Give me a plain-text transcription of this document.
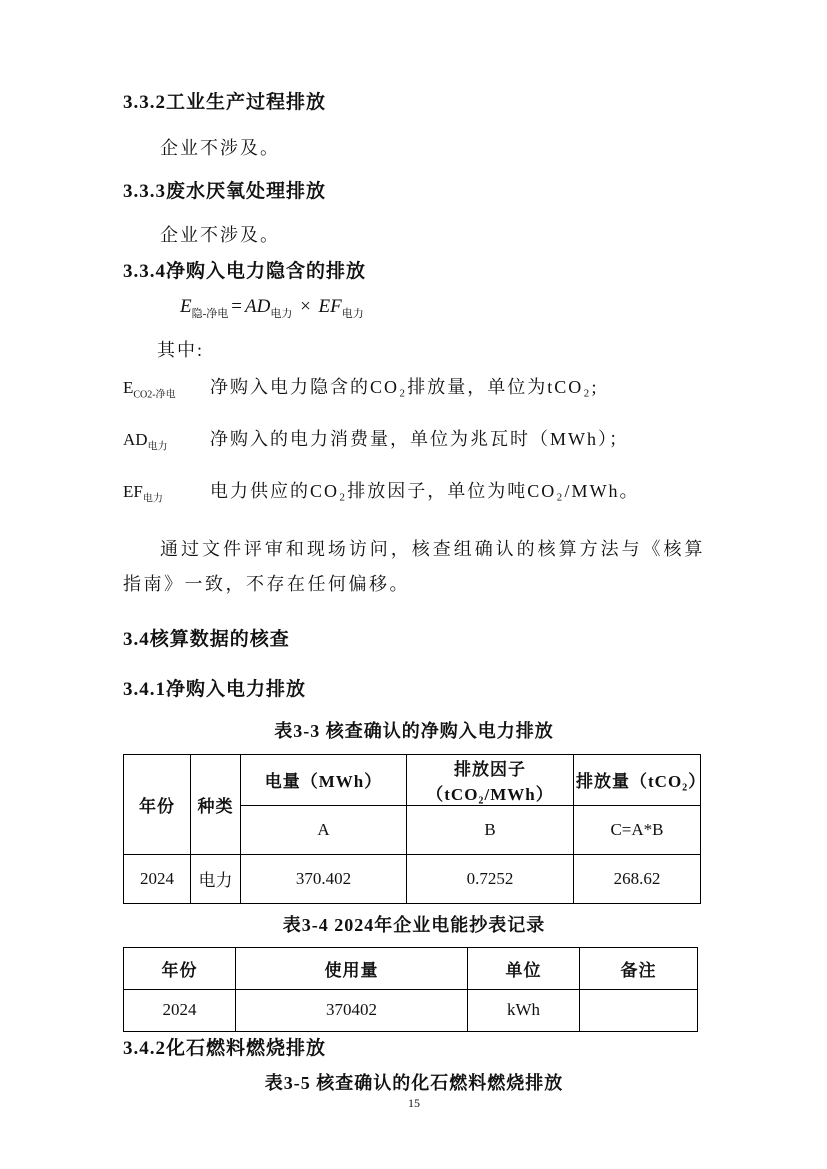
3.3.2工业生产过程排放
企业不涉及。
3.3.3废水厌氧处理排放
企业不涉及。
3.3.4净购入电力隐含的排放
$E_{隐-净电} = AD_{电力} \times EF_{电力}$
其中:
$E_{CO2-净电}$	净购入电力隐含的CO₂排放量，单位为tCO₂;
$AD_{电力}$	净购入的电力消费量，单位为兆瓦时（MWh）；
$EF_{电力}$	电力供应的CO₂排放因子，单位为吨CO₂/MWh。
通过文件评审和现场访问，核查组确认的核算方法与《核算指南》一致，不存在任何偏移。
3.4核算数据的核查
3.4.1净购入电力排放
表3-3 核查确认的净购入电力排放
年份	种类	电量（MWh）	排放因子（tCO₂/MWh）	排放量（tCO₂）
		A	B	C=A*B
2024	电力	370.402	0.7252	268.62
表3-4 2024年企业电能抄表记录
年份	使用量	单位	备注
2024	370402	kWh	
3.4.2化石燃料燃烧排放
表3-5 核查确认的化石燃料燃烧排放
15
